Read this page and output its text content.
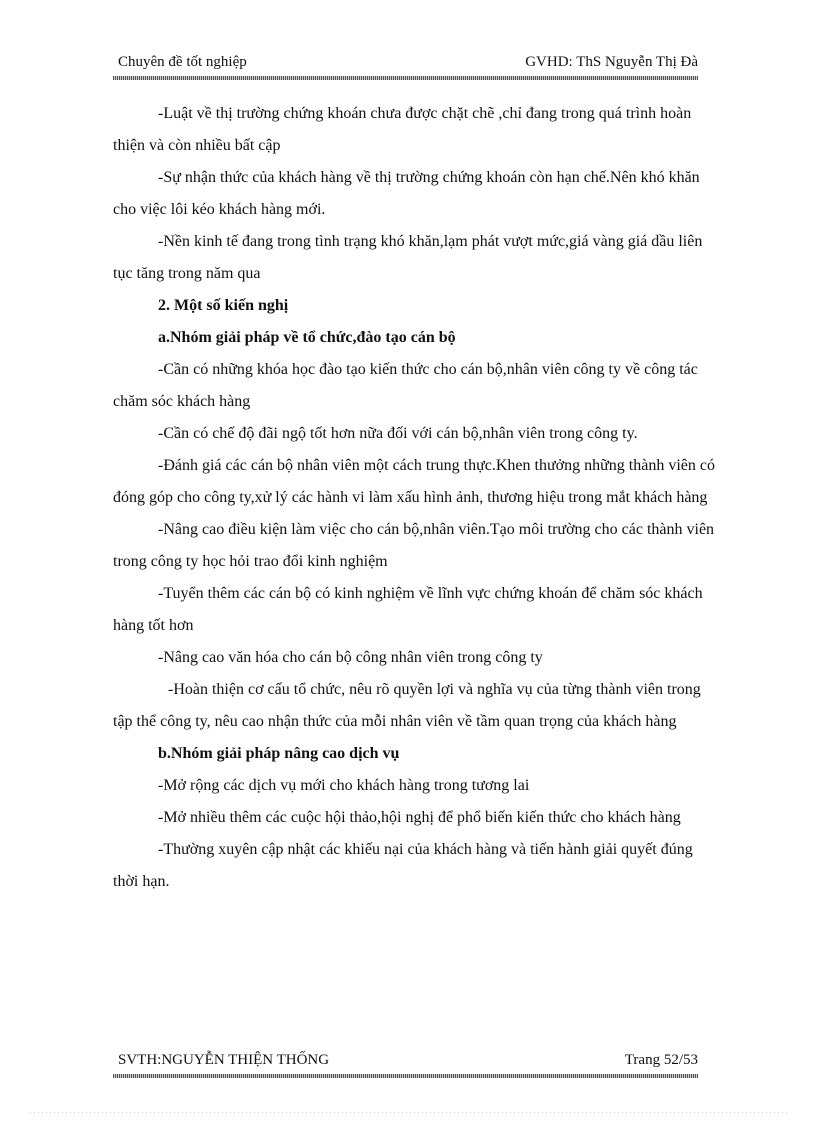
Chuyên đề tốt nghiệp	GVHD: ThS Nguyễn Thị Đà

-Luật về thị trường chứng khoán chưa được chặt chẽ ,chỉ đang trong quá trình hoàn thiện và còn nhiều bất cập

-Sự nhận thức của khách hàng về thị trường chứng khoán còn hạn chế.Nên khó khăn cho việc lôi kéo khách hàng mới.

-Nền kinh tế đang trong tình trạng khó khăn,lạm phát vượt mức,giá vàng giá dầu liên tục tăng trong năm qua

2. Một số kiến nghị

a.Nhóm giải pháp về tổ chức,đào tạo cán bộ

-Cần có những khóa học đào tạo kiến thức cho cán bộ,nhân viên công ty về công tác chăm sóc khách hàng

-Cần có chế độ đãi ngộ tốt hơn nữa đối với cán bộ,nhân viên trong công ty.

-Đánh giá các cán bộ nhân viên một cách trung thực.Khen thưởng những thành viên có đóng góp cho công ty,xử lý các hành vi làm xấu hình ảnh, thương hiệu trong mắt khách hàng

-Nâng cao điều kiện làm việc cho cán bộ,nhân viên.Tạo môi trường cho các thành viên trong công ty học hỏi trao đổi kinh nghiệm

-Tuyển thêm các cán bộ có kinh nghiệm về lĩnh vực chứng khoán để chăm sóc khách hàng tốt hơn

-Nâng cao văn hóa cho cán bộ công nhân viên trong công ty

-Hoàn thiện cơ cấu tổ chức, nêu rõ quyền lợi và nghĩa vụ của từng thành viên trong tập thể công ty, nêu cao nhận thức của mỗi nhân viên về tầm quan trọng của khách hàng

b.Nhóm giải pháp nâng cao dịch vụ

-Mở rộng các dịch vụ mới cho khách hàng trong tương lai

-Mở nhiều thêm các cuộc hội thảo,hội nghị để phổ biến kiến thức cho khách hàng

-Thường xuyên cập nhật các khiếu nại của khách hàng và tiến hành giải quyết đúng thời hạn.

SVTH:NGUYỄN THIỆN THỐNG	Trang 52/53
